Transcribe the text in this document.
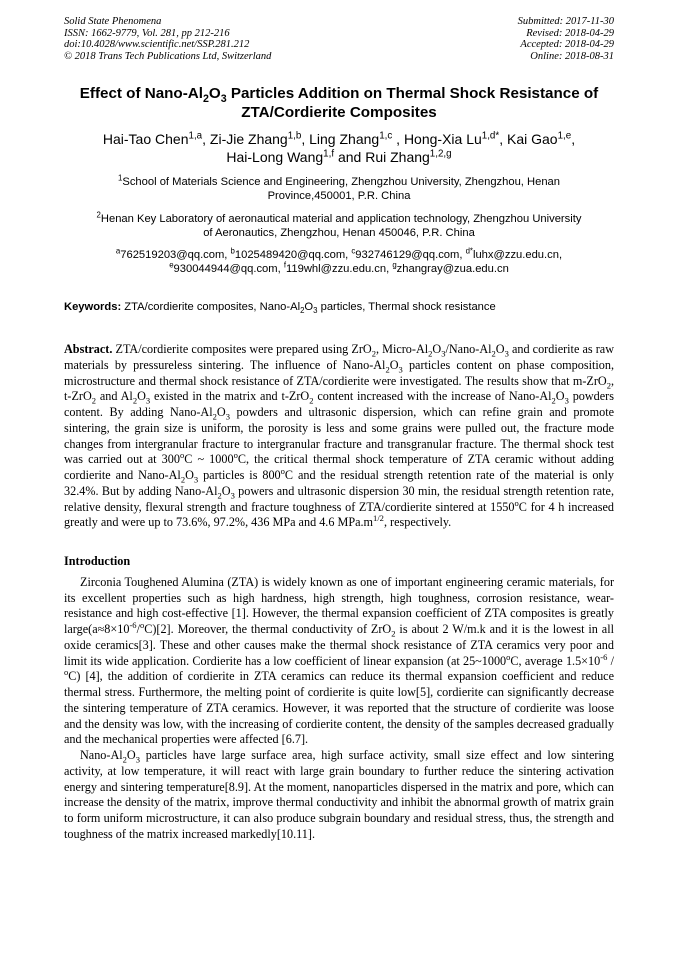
Solid State Phenomena
ISSN: 1662-9779, Vol. 281, pp 212-216
doi:10.4028/www.scientific.net/SSP.281.212
© 2018 Trans Tech Publications Ltd, Switzerland
Submitted: 2017-11-30
Revised: 2018-04-29
Accepted: 2018-04-29
Online: 2018-08-31
Effect of Nano-$Al_2O_3$ Particles Addition on Thermal Shock Resistance of
ZTA/Cordierite Composites
Hai-Tao Chen$^{1,a}$, Zi-Jie Zhang$^{1,b}$, Ling Zhang$^{1,c}$ , Hong-Xia $Lu^{1,d*}$, Kai Gao$^{1,e}$,
Hai-Long Wang$^{1,f}$ and Rui Zhang$^{1,2,g}$
$^1$School of Materials Science and Engineering, Zhengzhou University, Zhengzhou, Henan
Province,450001, P.R. China
$^2$Henan Key Laboratory of aeronautical material and application technology, Zhengzhou University
of Aeronautics, Zhengzhou, Henan 450046, P.R. China
$^a$762519203@qq.com, $^b$1025489420@qq.com, $^c$932746129@qq.com, $^{d*}$luhx@zzu.edu.cn,
$^e$930044944@qq.com, $^f$119whl@zzu.edu.cn, $^g$zhangray@zua.edu.cn
Keywords: ZTA/cordierite composites, Nano-$Al_2O_3$ particles, Thermal shock resistance
Abstract. ZTA/cordierite composites were prepared using ZrO$_2$, Micro-$Al_2O_3/Nano-Al_2O_3$ and cordierite as raw materials by pressureless sintering. The influence of Nano-$Al_2O_3$ particles content on phase composition, microstructure and thermal shock resistance of ZTA/cordierite were investigated. The results show that m-ZrO$_2$, t-ZrO$_2$ and $Al_2O_3$ existed in the matrix and t-ZrO$_2$ content increased with the increase of Nano-$Al_2O_3$ powders content. By adding Nano-$Al_2O_3$ powders and ultrasonic dispersion, which can refine grain and promote sintering, the grain size is uniform, the porosity is less and some grains were pulled out, the fracture mode changes from intergranular fracture to intergranular fracture and transgranular fracture. The thermal shock test was carried out at 300$^o$C ~ 1000$^o$C, the critical thermal shock temperature of ZTA ceramic without adding cordierite and Nano-$Al_2O_3$ particles is 800$^o$C and the residual strength retention rate of the material is only 32.4%. But by adding Nano-$Al_2O_3$ powers and ultrasonic dispersion 30 min, the residual strength retention rate, relative density, flexural strength and fracture toughness of ZTA/cordierite sintered at 1550$^o$C for 4 h increased greatly and were up to 73.6%, 97.2%, 436 MPa and 4.6 $MPa.m^{1/2}$, respectively.
Introduction
Zirconia Toughened Alumina (ZTA) is widely known as one of important engineering ceramic materials, for its excellent properties such as high hardness, high strength, high toughness, corrosion resistance, wear-resistance and high cost-effective [1]. However, the thermal expansion coefficient of ZTA composites is greatly $large(a\approx 8\times 10^{-6}/^oC)[2]$. Moreover, the thermal conductivity of ZrO$_2$ is about 2 W/m.k and it is the lowest in all oxide ceramics[3]. These and other causes make the thermal shock resistance of ZTA ceramics very poor and limit its wide application. Cordierite has a low coefficient of linear expansion (at 25~1000$^o$C, average $1.5\times 10^{-6} / ^oC$) [4], the addition of cordierite in ZTA ceramics can reduce its thermal expansion coefficient and reduce thermal stress. Furthermore, the melting point of cordierite is quite low[5], cordierite can significantly decrease the sintering temperature of ZTA ceramics. However, it was reported that the structure of cordierite was loose and the density was low, with the increasing of cordierite content, the density of the samples decreased gradually and the mechanical properties were affected [6.7].
Nano-$Al_2O_3$ particles have large surface area, high surface activity, small size effect and low sintering activity, at low temperature, it will react with large grain boundary to further reduce the sintering activation energy and sintering temperature[8.9]. At the moment, nanoparticles dispersed in the matrix and pore, which can increase the density of the matrix, improve thermal conductivity and inhibit the abnormal growth of matrix grain to form uniform microstructure, it can also produce subgrain boundary and residual stress, thus, the strength and toughness of the matrix increased markedly[10.11].
